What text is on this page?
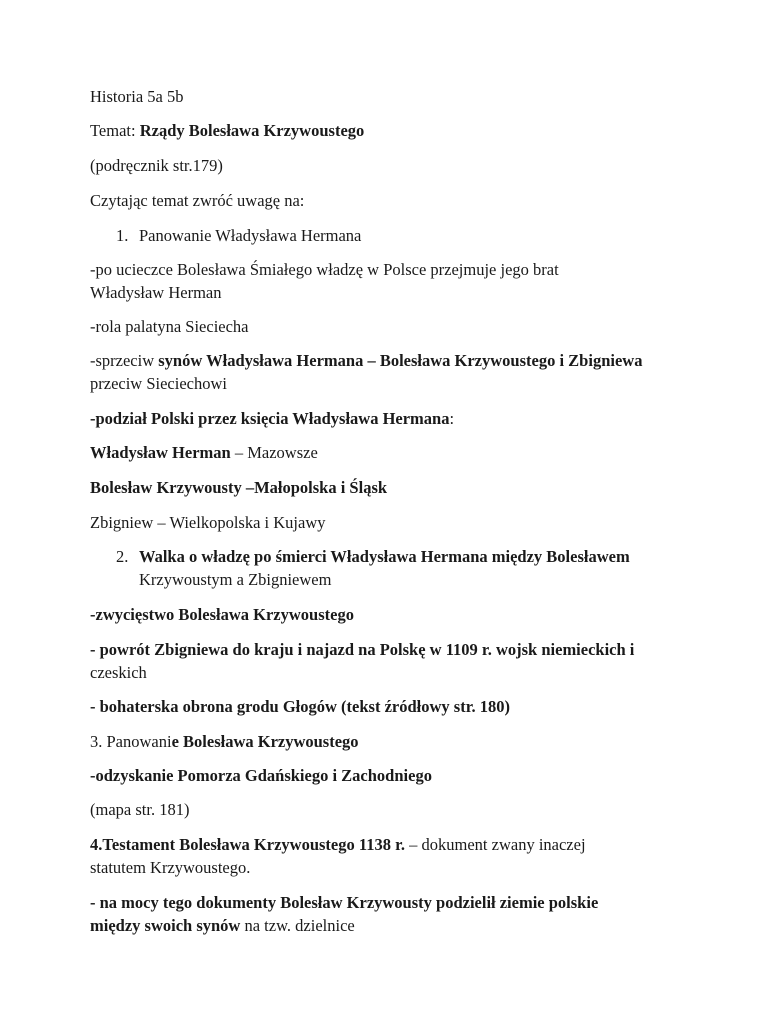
Historia 5a 5b

Temat: Rządy Bolesława Krzywoustego

(podręcznik str.179)

Czytając temat zwróć uwagę na:

1. Panowanie Władysława Hermana

-po ucieczce Bolesława Śmiałego władzę w Polsce przejmuje jego brat

Władysław Herman

-rola palatyna Sieciecha

-sprzeciw synów Władysława Hermana – Bolesława Krzywoustego i Zbigniewa

przeciw Sieciechowi

-podział Polski przez księcia Władysława Hermana:

Władysław Herman – Mazowsze

Bolesław Krzywousty –Małopolska i Śląsk

Zbigniew – Wielkopolska i Kujawy

2. Walka o władzę po śmierci Władysława Hermana między Bolesławem

Krzywoustym a Zbigniewem

-zwycięstwo Bolesława Krzywoustego

- powrót Zbigniewa do kraju i najazd na Polskę w 1109 r. wojsk niemieckich i

czeskich

- bohaterska obrona grodu Głogów (tekst źródłowy str. 180)

3. Panowanie Bolesława Krzywoustego

-odzyskanie Pomorza Gdańskiego i Zachodniego

(mapa str. 181)

4.Testament Bolesława Krzywoustego 1138 r. – dokument zwany inaczej

statutem Krzywoustego.

- na mocy tego dokumenty Bolesław Krzywousty podzielił ziemie polskie

między swoich synów na tzw. dzielnice
